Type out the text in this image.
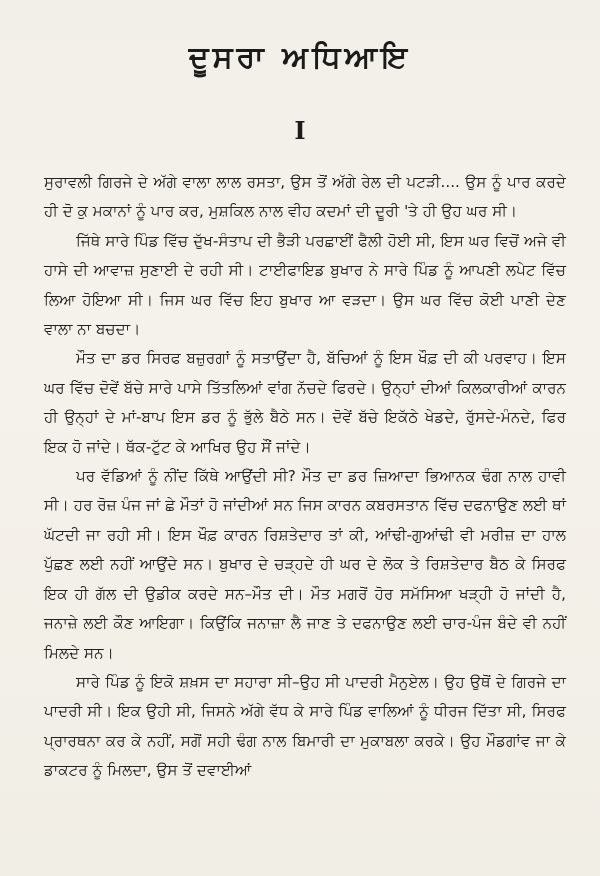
ਦੂਸਰਾ ਅਧਿਆਇ
I

ਸੁਰਾਵਲੀ ਗਿਰਜੇ ਦੇ ਅੱਗੇ ਵਾਲਾ ਲਾਲ ਰਸਤਾ, ਉਸ ਤੋਂ ਅੱਗੇ ਰੇਲ ਦੀ ਪਟੜੀ.... ਉਸ ਨੂੰ ਪਾਰ ਕਰਦੇ ਹੀ ਦੋ ਕੁ ਮਕਾਨਾਂ ਨੂੰ ਪਾਰ ਕਰ, ਮੁਸ਼ਕਿਲ ਨਾਲ ਵੀਹ ਕਦਮਾਂ ਦੀ ਦੂਰੀ 'ਤੇ ਹੀ ਉਹ ਘਰ ਸੀ।

ਜਿੱਥੇ ਸਾਰੇ ਪਿੰਡ ਵਿੱਚ ਦੁੱਖ-ਸੰਤਾਪ ਦੀ ਭੈੜੀ ਪਰਛਾਈਂ ਫੈਲੀ ਹੋਈ ਸੀ, ਇਸ ਘਰ ਵਿਚੋਂ ਅਜੇ ਵੀ ਹਾਸੇ ਦੀ ਆਵਾਜ਼ ਸੁਣਾਈ ਦੇ ਰਹੀ ਸੀ। ਟਾਈਫਾਇਡ ਬੁਖਾਰ ਨੇ ਸਾਰੇ ਪਿੰਡ ਨੂੰ ਆਪਣੀ ਲਪੇਟ ਵਿੱਚ ਲਿਆ ਹੋਇਆ ਸੀ। ਜਿਸ ਘਰ ਵਿੱਚ ਇਹ ਬੁਖਾਰ ਆ ਵੜਦਾ। ਉਸ ਘਰ ਵਿੱਚ ਕੋਈ ਪਾਣੀ ਦੇਣ ਵਾਲਾ ਨਾ ਬਚਦਾ।

ਮੌਤ ਦਾ ਡਰ ਸਿਰਫ ਬਜ਼ੁਰਗਾਂ ਨੂੰ ਸਤਾਉਂਦਾ ਹੈ, ਬੱਚਿਆਂ ਨੂੰ ਇਸ ਖੌਫ਼ ਦੀ ਕੀ ਪਰਵਾਹ। ਇਸ ਘਰ ਵਿੱਚ ਦੋਵੇਂ ਬੱਚੇ ਸਾਰੇ ਪਾਸੇ ਤਿੱਤਲਿਆਂ ਵਾਂਗ ਨੱਚਦੇ ਫਿਰਦੇ। ਉਨ੍ਹਾਂ ਦੀਆਂ ਕਿਲਕਾਰੀਆਂ ਕਾਰਨ ਹੀ ਉਨ੍ਹਾਂ ਦੇ ਮਾਂ-ਬਾਪ ਇਸ ਡਰ ਨੂੰ ਭੁੱਲੇ ਬੈਠੇ ਸਨ। ਦੋਵੇਂ ਬੱਚੇ ਇਕੱਠੇ ਖੇਡਦੇ, ਰੁੱਸਦੇ-ਮੰਨਦੇ, ਫਿਰ ਇਕ ਹੋ ਜਾਂਦੇ। ਥੱਕ-ਟੁੱਟ ਕੇ ਆਖਿਰ ਉਹ ਸੌਂ ਜਾਂਦੇ।

ਪਰ ਵੱਡਿਆਂ ਨੂੰ ਨੀਂਦ ਕਿੱਥੇ ਆਉਂਦੀ ਸੀ? ਮੌਤ ਦਾ ਡਰ ਜ਼ਿਆਦਾ ਭਿਆਨਕ ਢੰਗ ਨਾਲ ਹਾਵੀ ਸੀ। ਹਰ ਰੋਜ਼ ਪੰਜ ਜਾਂ ਛੇ ਮੌਤਾਂ ਹੋ ਜਾਂਦੀਆਂ ਸਨ ਜਿਸ ਕਾਰਨ ਕਬਰਸਤਾਨ ਵਿੱਚ ਦਫਨਾਉਣ ਲਈ ਥਾਂ ਘੱਟਦੀ ਜਾ ਰਹੀ ਸੀ। ਇਸ ਖੌਫ਼ ਕਾਰਨ ਰਿਸ਼ਤੇਦਾਰ ਤਾਂ ਕੀ, ਆਂਢੀ-ਗੁਆਂਢੀ ਵੀ ਮਰੀਜ਼ ਦਾ ਹਾਲ ਪੁੱਛਣ ਲਈ ਨਹੀਂ ਆਉਂਦੇ ਸਨ। ਬੁਖਾਰ ਦੇ ਚੜ੍ਹਦੇ ਹੀ ਘਰ ਦੇ ਲੋਕ ਤੇ ਰਿਸ਼ਤੇਦਾਰ ਬੈਠ ਕੇ ਸਿਰਫ ਇਕ ਹੀ ਗੱਲ ਦੀ ਉਡੀਕ ਕਰਦੇ ਸਨ–ਮੌਤ ਦੀ। ਮੌਤ ਮਗਰੋਂ ਹੋਰ ਸਮੱਸਿਆ ਖੜ੍ਹੀ ਹੋ ਜਾਂਦੀ ਹੈ, ਜਨਾਜ਼ੇ ਲਈ ਕੌਣ ਆਇਗਾ। ਕਿਉਂਕਿ ਜਨਾਜ਼ਾ ਲੈ ਜਾਣ ਤੇ ਦਫਨਾਉਣ ਲਈ ਚਾਰ-ਪੰਜ ਬੰਦੇ ਵੀ ਨਹੀਂ ਮਿਲਦੇ ਸਨ।

ਸਾਰੇ ਪਿੰਡ ਨੂੰ ਇਕੋ ਸ਼ਖ਼ਸ ਦਾ ਸਹਾਰਾ ਸੀ–ਉਹ ਸੀ ਪਾਦਰੀ ਮੈਨੁਏਲ। ਉਹ ਉਥੋਂ ਦੇ ਗਿਰਜੇ ਦਾ ਪਾਦਰੀ ਸੀ। ਇਕ ਉਹੀ ਸੀ, ਜਿਸਨੇ ਅੱਗੇ ਵੱਧ ਕੇ ਸਾਰੇ ਪਿੰਡ ਵਾਲਿਆਂ ਨੂੰ ਧੀਰਜ ਦਿੱਤਾ ਸੀ, ਸਿਰਫ ਪ੍ਰਾਰਥਨਾ ਕਰ ਕੇ ਨਹੀਂ, ਸਗੋਂ ਸਹੀ ਢੰਗ ਨਾਲ ਬਿਮਾਰੀ ਦਾ ਮੁਕਾਬਲਾ ਕਰਕੇ। ਉਹ ਮੌਡਗਾਂਵ ਜਾ ਕੇ ਡਾਕਟਰ ਨੂੰ ਮਿਲਦਾ, ਉਸ ਤੋਂ ਦਵਾਈਆਂ
